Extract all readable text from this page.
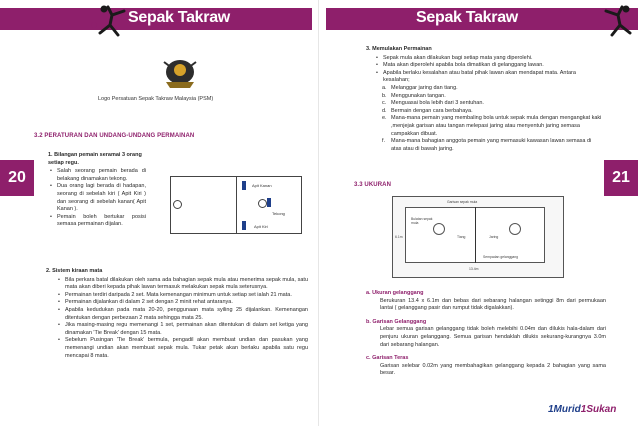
Sepak Takraw
20
Logo Persatuan Sepak Takraw Malaysia (PSM)
3.2 PERATURAN DAN UNDANG-UNDANG PERMAINAN
1. Bilangan pemain seramai 3 orang setiap regu.
• Salah seorang pemain berada di belakang dinamakan tekong.
• Dua orang lagi berada di hadapan, seorang di sebelah kiri ( Apit Kiri ) dan seorang di sebelah kanan( Apit Kanan ).
• Pemain boleh bertukar posisi semasa permainan dijalan.
Apit Kanan
Tekong
Apit Kiri
2. Sistem kiraan mata
• Bila perkara batal dilakukan oleh sama ada bahagian sepak mula atau menerima sepak mula, satu mata akan diberi kepada pihak lawan termasuk melakukan sepak mula seterusnya.
• Permainan terdiri daripada 2 set. Mata kemenangan minimum untuk setiap set ialah 21 mata.
• Permainan dijalankan di dalam 2 set dengan 2 minit rehat antaranya.
• Apabila kedudukan pada mata 20-20, penggunaan mata syiling 25 dijalankan. Kemenangan ditentukan dengan perbezaan 2 mata sehingga mata 25.
• Jika masing-masing regu memenangi 1 set, permainan akan ditentukan di dalam set ketiga yang dinamakan 'Tie Break' dengan 15 mata.
• Sebelum Pusingan 'Tie Break' bermula, pengadil akan membuat undian dan pasukan yang memenangi undian akan membuat sepak mula. Tukar petak akan berlaku apabila satu regu mencapai 8 mata.
Sepak Takraw
21
3. Memulakan Permainan
• Sepak mula akan dilakukan bagi setiap mata yang diperolehi.
• Mata akan diperolehi apabila bola dimatikan di gelanggang lawan.
• Apabila berlaku kesalahan atau batal pihak lawan akan mendapat mata. Antara kesalahan;
a. Melanggar jaring dan tiang.
b. Menggunakan tangan.
c. Menguasai bola lebih dari 3 sentuhan.
d. Bermain dengan cara berbahaya.
e. Mana-mana pemain yang membaling bola untuk sepak mula dengan mengangkat kaki ,menjejak garisan atau tangan melepasi jaring atau menyentuh jaring semasa campakkan dibuat.
f. Mana-mana bahagian anggota pemain yang memasuki kawasan lawan semasa di atas atau di bawah jaring.
3.3 UKURAN
Garisan sepak mula
Bulatan sepak mula
Tiang	Jaring
Sempadan gelanggang
13.4m
6.1m
a. Ukuran gelanggang
Berukuran 13.4 x 6.1m dan bebas dari sebarang halangan setinggi 8m dari permukaan lantai ( gelanggang pasir dan rumput tidak digalakkan).
b. Garisan Gelanggang
Lebar semua garisan gelanggang tidak boleh melebihi 0.04m dan dilukis hala-dalam dari penjuru ukuran gelanggang. Semua garisan hendaklah dilukis sekurang-kurangnya 3.0m dari sebarang halangan.
c. Garisan Teras
Garisan selebar 0.02m yang membahagikan gelanggang kepada 2 bahagian yang sama besar.
1Murid1Sukan
